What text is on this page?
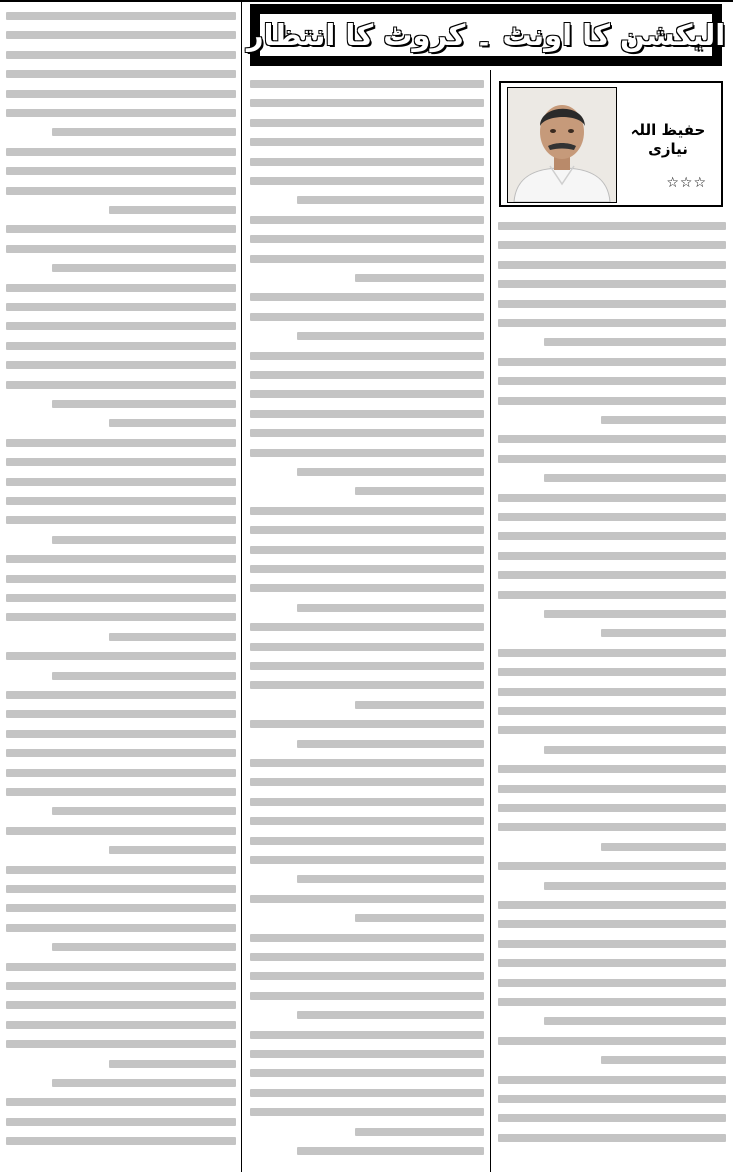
الیکشن کا اونٹ ۔ کروٹ کا انتظار
حفیظ اللہ نیازی
☆☆☆
